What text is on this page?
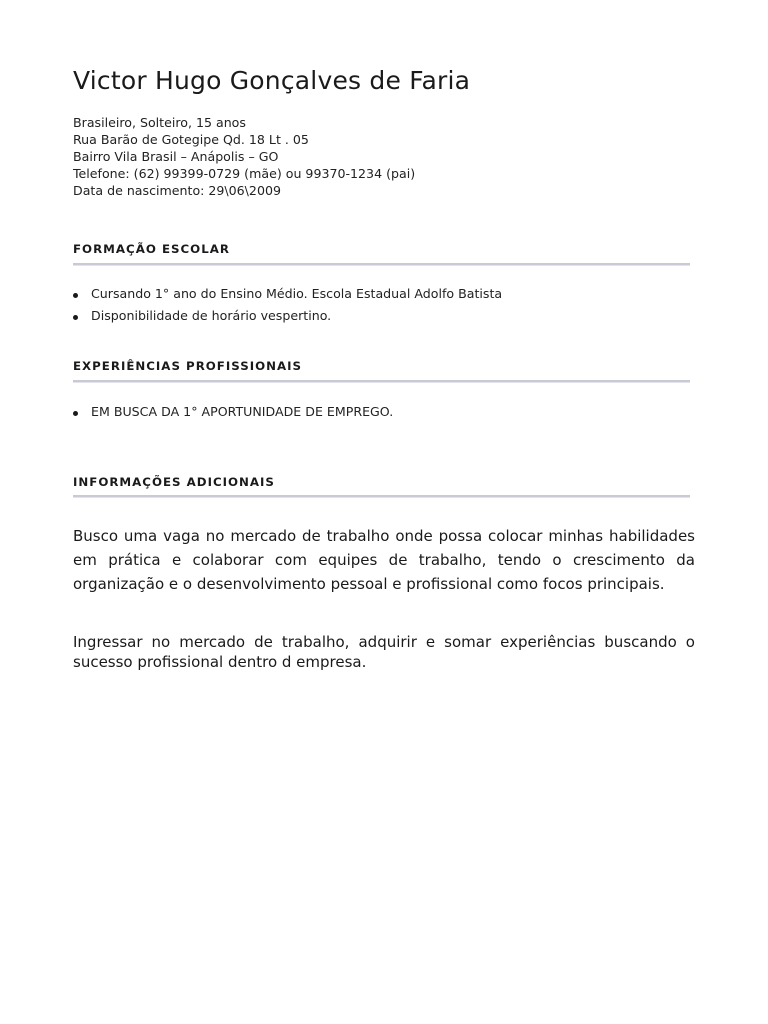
Victor Hugo Gonçalves de Faria
Brasileiro, Solteiro, 15 anos
Rua Barão de Gotegipe Qd. 18 Lt . 05
Bairro Vila Brasil – Anápolis – GO
Telefone: (62) 99399-0729 (mãe) ou 99370-1234 (pai)
Data de nascimento: 29\06\2009
FORMAÇÃO ESCOLAR
Cursando 1° ano do Ensino Médio. Escola Estadual Adolfo Batista
Disponibilidade de horário vespertino.
EXPERIÊNCIAS PROFISSIONAIS
EM BUSCA DA 1° APORTUNIDADE DE EMPREGO.
INFORMAÇÕES ADICIONAIS

Busco uma vaga no mercado de trabalho onde possa colocar minhas habilidades em prática e colaborar com equipes de trabalho, tendo o crescimento da organização e o desenvolvimento pessoal e profissional como focos principais.

Ingressar no mercado de trabalho, adquirir e somar experiências buscando o sucesso profissional dentro d empresa.
